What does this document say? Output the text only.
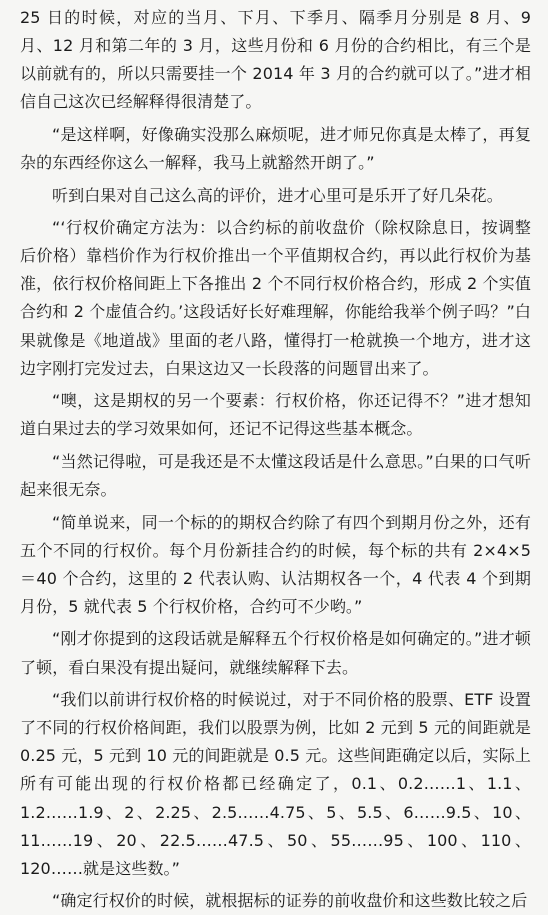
25 日的时候，对应的当月、下月、下季月、隔季月分别是 8 月、9 月、12 月和第二年的 3 月，这些月份和 6 月份的合约相比，有三个是以前就有的，所以只需要挂一个 2014 年 3 月的合约就可以了。”进才相信自己这次已经解释得很清楚了。

“是这样啊，好像确实没那么麻烦呢，进才师兄你真是太棒了，再复杂的东西经你这么一解释，我马上就豁然开朗了。”

听到白果对自己这么高的评价，进才心里可是乐开了好几朵花。

“‘行权价确定方法为：以合约标的前收盘价（除权除息日，按调整后价格）靠档价作为行权价推出一个平值期权合约，再以此行权价为基准，依行权价格间距上下各推出 2 个不同行权价格合约，形成 2 个实值合约和 2 个虚值合约。’这段话好长好难理解，你能给我举个例子吗？”白果就像是《地道战》里面的老八路，懂得打一枪就换一个地方，进才这边字刚打完发过去，白果这边又一长段落的问题冒出来了。

“噢，这是期权的另一个要素：行权价格，你还记得不？”进才想知道白果过去的学习效果如何，还记不记得这些基本概念。

“当然记得啦，可是我还是不太懂这段话是什么意思。”白果的口气听起来很无奈。

“简单说来，同一个标的的期权合约除了有四个到期月份之外，还有五个不同的行权价。每个月份新挂合约的时候，每个标的共有 2×4×5＝40 个合约，这里的 2 代表认购、认沽期权各一个，4 代表 4 个到期月份，5 就代表 5 个行权价格，合约可不少哟。”

“刚才你提到的这段话就是解释五个行权价格是如何确定的。”进才顿了顿，看白果没有提出疑问，就继续解释下去。

“我们以前讲行权价格的时候说过，对于不同价格的股票、ETF 设置了不同的行权价格间距，我们以股票为例，比如 2 元到 5 元的间距就是 0.25 元，5 元到 10 元的间距就是 0.5 元。这些间距确定以后，实际上所有可能出现的行权价格都已经确定了，0.1、0.2……1、1.1、1.2……1.9、2、2.25、2.5……4.75、5、5.5、6……9.5、10、11……19、20、22.5……47.5、50、55……95、100、110、120……就是这些数。”

“确定行权价的时候，就根据标的证券的前收盘价和这些数比较之后
